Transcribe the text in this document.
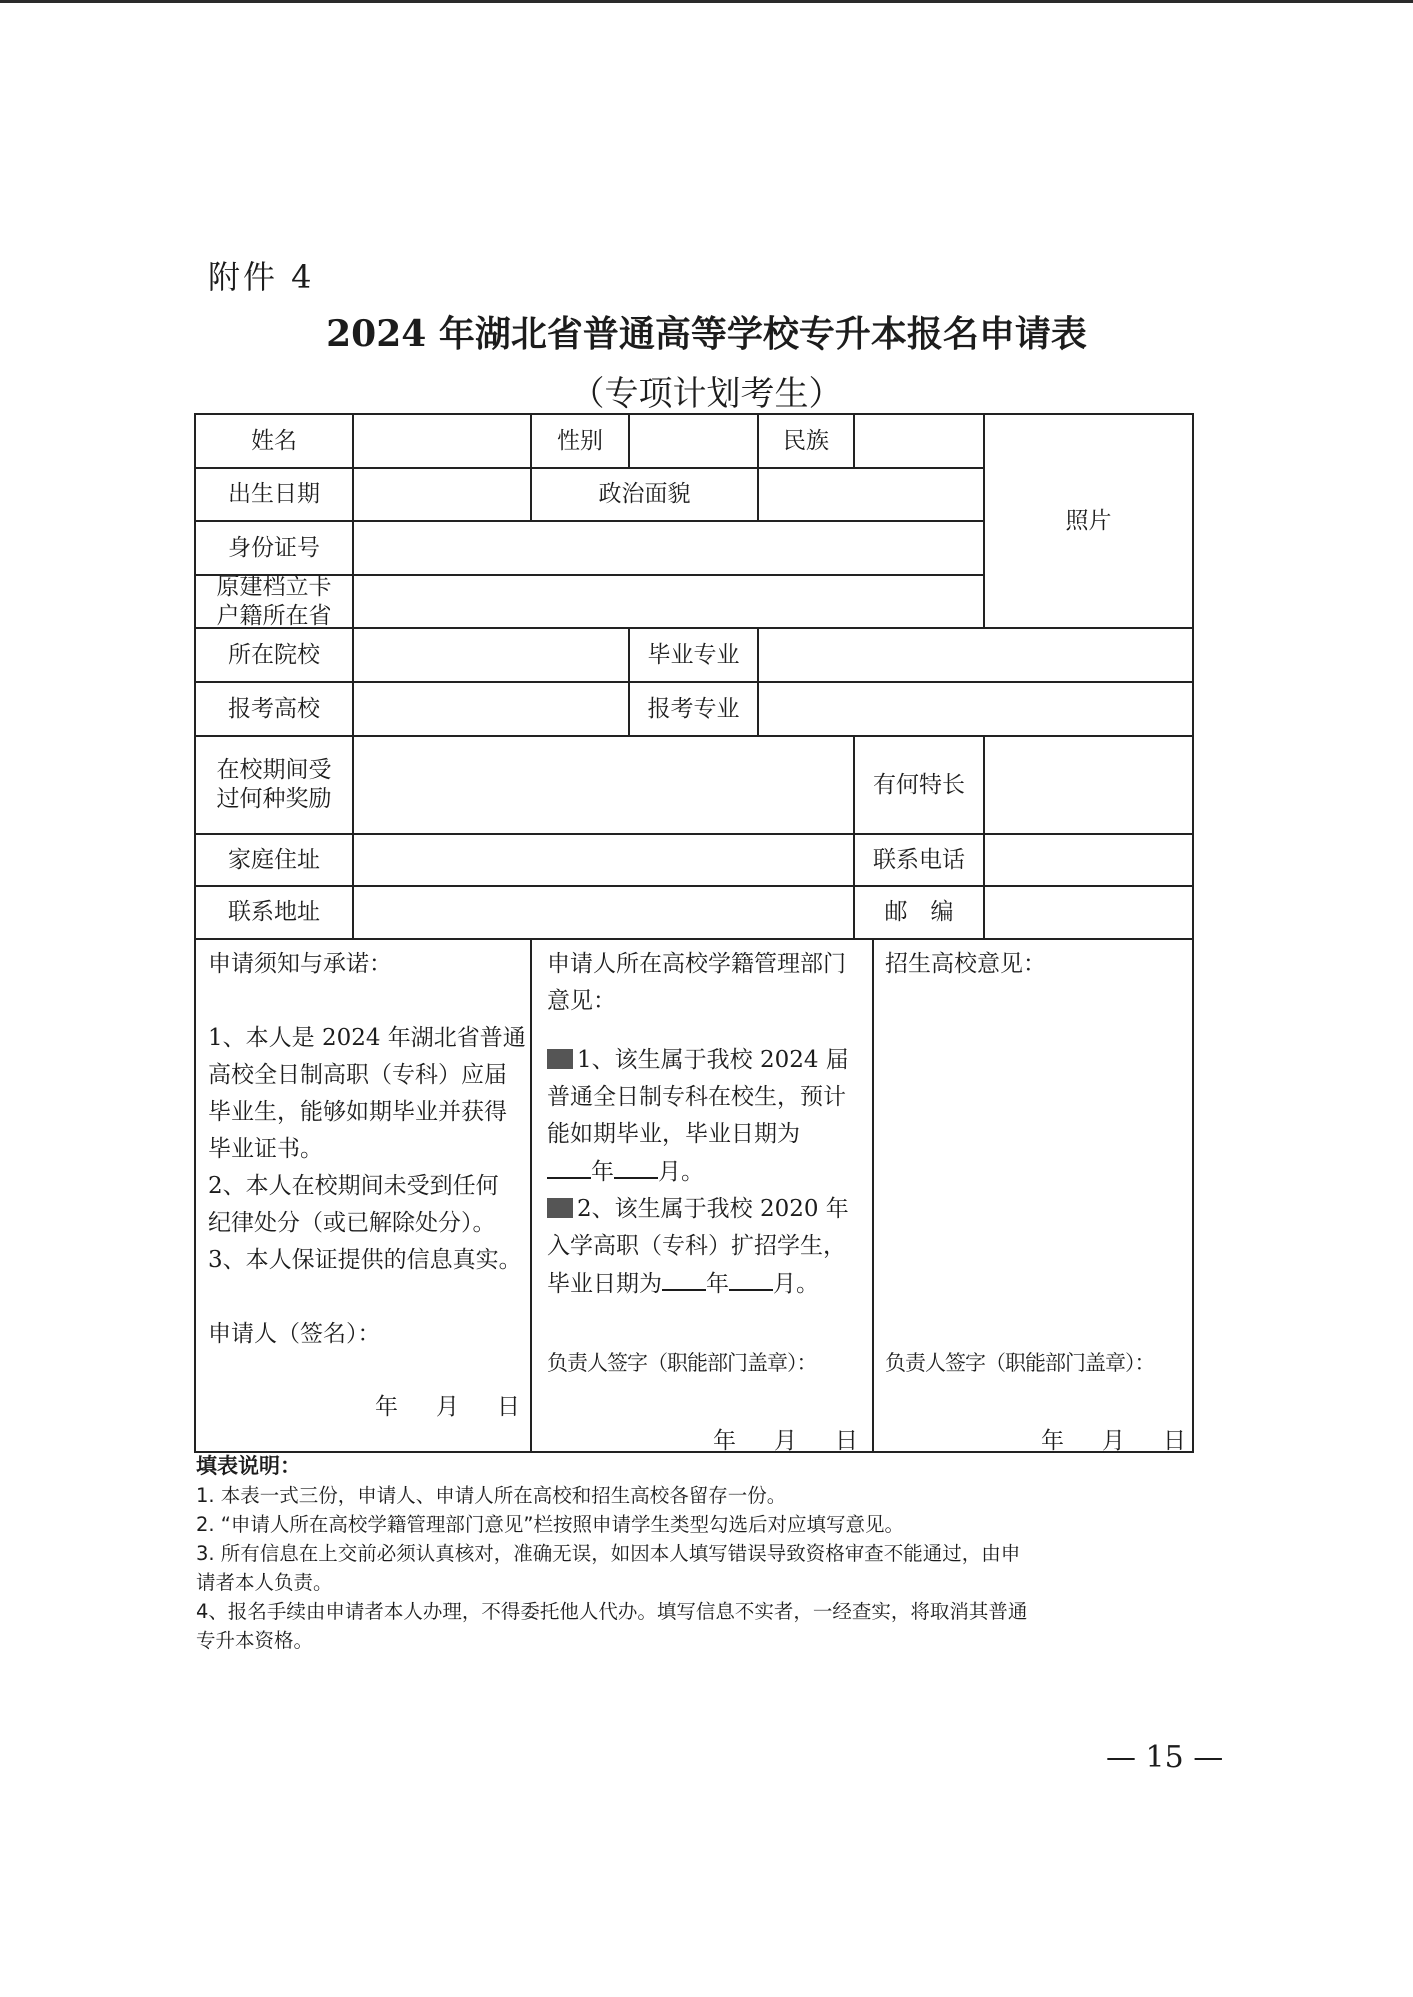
附件 4
2024 年湖北省普通高等学校专升本报名申请表
（专项计划考生）
姓名	性别	民族
照片
出生日期	政治面貌
身份证号
原建档立卡
户籍所在省
所在院校	毕业专业
报考高校	报考专业
在校期间受
过何种奖励
有何特长
家庭住址	联系电话
联系地址	邮　编

申请须知与承诺：

1、本人是 2024 年湖北省普通

高校全日制高职（专科）应届

毕业生，能够如期毕业并获得

毕业证书。

2、本人在校期间未受到任何

纪律处分（或已解除处分）。

3、本人保证提供的信息真实。

申请人（签名）：

年 月 日

申请人所在高校学籍管理部门

意见：

1、该生属于我校 2024 届

普通全日制专科在校生，预计

能如期毕业，毕业日期为

年 月。

2、该生属于我校 2020 年

入学高职（专科）扩招学生，

毕业日期为 年 月。

负责人签字（职能部门盖章）：
年 月 日
招生高校意见：
负责人签字（职能部门盖章）：
年 月 日

填表说明：

1. 本表一式三份，申请人、申请人所在高校和招生高校各留存一份。

2. “申请人所在高校学籍管理部门意见”栏按照申请学生类型勾选后对应填写意见。

3. 所有信息在上交前必须认真核对，准确无误，如因本人填写错误导致资格审查不能通过，由申

请者本人负责。

4、报名手续由申请者本人办理，不得委托他人代办。填写信息不实者，一经查实，将取消其普通

专升本资格。

— 15 —
